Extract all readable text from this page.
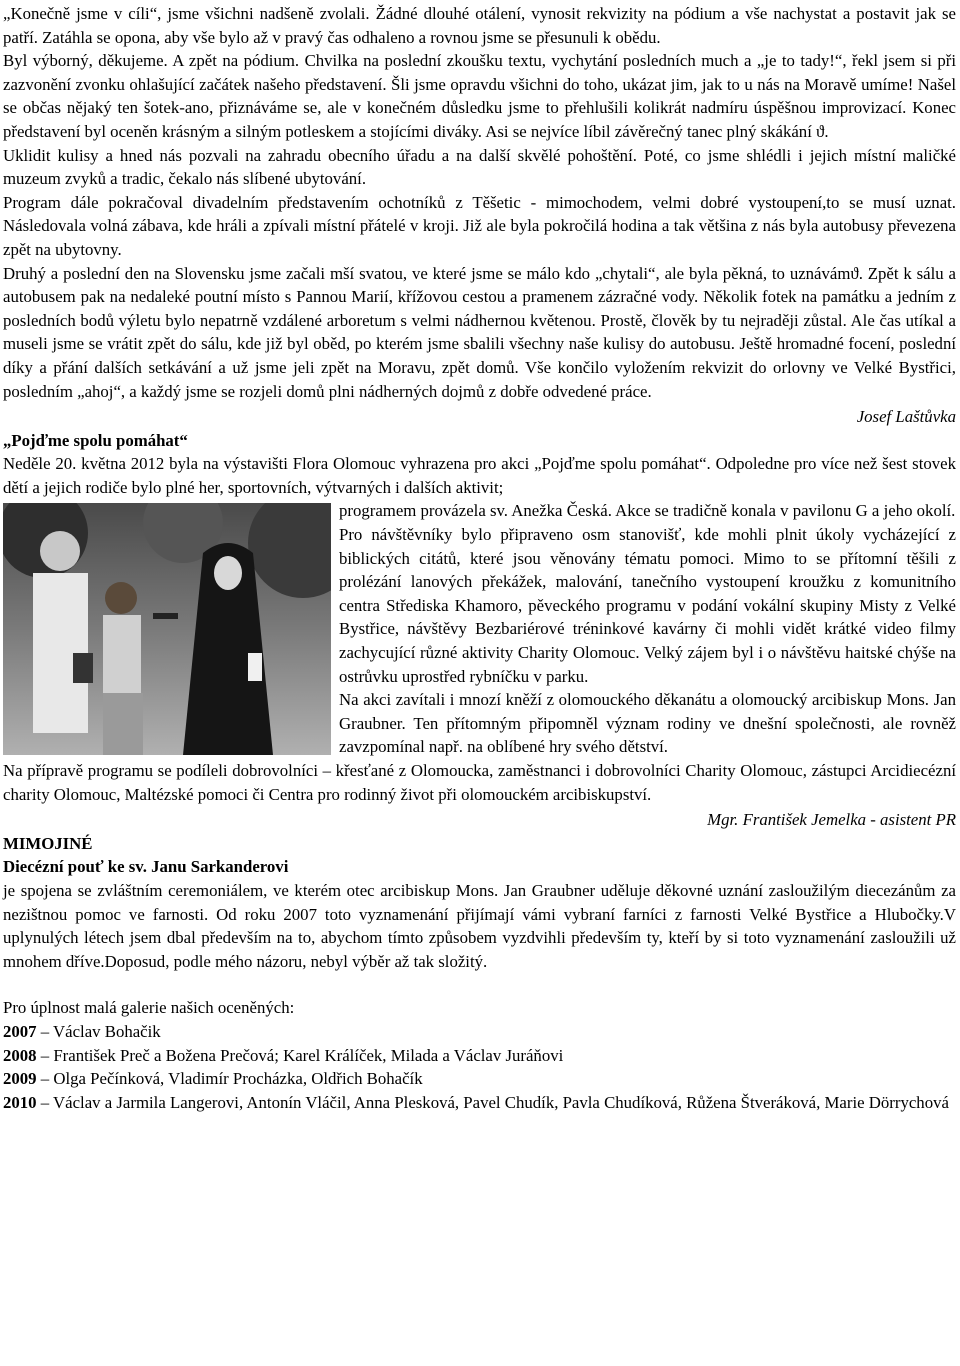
„Konečně jsme v cíli“, jsme všichni nadšeně zvolali. Žádné dlouhé otálení, vynosit rekvizity na pódium a vše nachystat a postavit jak se patří. Zatáhla se opona, aby vše bylo až v pravý čas odhaleno a rovnou jsme se přesunuli k obědu.

Byl výborný, děkujeme. A zpět na pódium. Chvilka na poslední zkoušku textu, vychytání posledních much a „je to tady!“, řekl jsem si při zazvonění zvonku ohlašující začátek našeho představení. Šli jsme opravdu všichni do toho, ukázat jim, jak to u nás na Moravě umíme! Našel se občas nějaký ten šotek-ano, přiznáváme se, ale v konečném důsledku jsme to přehlušili kolikrát nadmíru úspěšnou improvizací. Konec představení byl oceněn krásným a silným potleskem a stojícími diváky. Asi se nejvíce líbil závěrečný tanec plný skákání ϑ.

Uklidit kulisy a hned nás pozvali na zahradu obecního úřadu a na další skvělé pohoštění. Poté, co jsme shlédli i jejich místní maličké muzeum zvyků a tradic, čekalo nás slíbené ubytování.

Program dále pokračoval divadelním představením ochotníků z Těšetic - mimochodem, velmi dobré vystoupení,to se musí uznat. Následovala volná zábava, kde hráli a zpívali místní přátelé v kroji. Již ale byla pokročilá hodina a tak většina z nás byla autobusy převezena zpět na ubytovny.

Druhý a poslední den na Slovensku jsme začali mší svatou, ve které jsme se málo kdo „chytali“, ale byla pěkná, to uznávámϑ. Zpět k sálu a autobusem pak na nedaleké poutní místo s Pannou Marií, křížovou cestou a pramenem zázračné vody. Několik fotek na památku a jedním z posledních bodů výletu bylo nepatrně vzdálené arboretum s velmi nádhernou květenou. Prostě, člověk by tu nejraději zůstal. Ale čas utíkal a museli jsme se vrátit zpět do sálu, kde již byl oběd, po kterém jsme sbalili všechny naše kulisy do autobusu. Ještě hromadné focení, poslední díky a přání dalších setkávání a už jsme jeli zpět na Moravu, zpět domů. Vše končilo vyložením rekvizit do orlovny ve Velké Bystřici, posledním „ahoj“, a každý jsme se rozjeli domů plni nádherných dojmů z dobře odvedené práce.

Josef Laštůvka

„Pojďme spolu pomáhat“

Neděle 20. května 2012 byla na výstavišti Flora Olomouc vyhrazena pro akci „Pojďme spolu pomáhat“. Odpoledne pro více než šest stovek dětí a jejich rodiče bylo plné her, sportovních, výtvarných i dalších aktivit;

programem provázela sv. Anežka Česká. Akce se tradičně konala v pavilonu G a jeho okolí.

Pro návštěvníky bylo připraveno osm stanovišť, kde mohli plnit úkoly vycházející z biblických citátů, které jsou věnovány tématu pomoci. Mimo to se přítomní těšili z prolézání lanových překážek, malování, tanečního vystoupení kroužku z komunitního centra Střediska Khamoro, pěveckého programu v podání vokální skupiny Misty z Velké Bystřice, návštěvy Bezbariérové tréninkové kavárny či mohli vidět krátké video filmy zachycující různé aktivity Charity Olomouc. Velký zájem byl i o návštěvu haitské chýše na ostrůvku uprostřed rybníčku v parku.

Na akci zavítali i mnozí kněží z olomouckého děkanátu a olomoucký arcibiskup Mons. Jan Graubner. Ten přítomným připomněl význam rodiny ve dnešní společnosti, ale rovněž zavzpomínal např. na oblíbené hry svého dětství.

Na přípravě programu se podíleli dobrovolníci – křesťané z Olomoucka, zaměstnanci i dobrovolníci Charity Olomouc, zástupci Arcidiecézní charity Olomouc, Maltézské pomoci či Centra pro rodinný život při olomouckém arcibiskupství.

Mgr. František Jemelka - asistent PR

MIMOJINÉ

Diecézní pouť ke sv. Janu Sarkanderovi

je spojena se zvláštním ceremoniálem, ve kterém otec arcibiskup Mons. Jan Graubner uděluje děkovné uznání zasloužilým diecezánům za nezištnou pomoc ve farnosti. Od roku 2007 toto vyznamenání přijímají vámi vybraní farníci z farnosti Velké Bystřice a Hlubočky.V uplynulých létech jsem dbal především na to, abychom tímto způsobem vyzdvihli především ty, kteří by si toto vyznamenání zasloužili už mnohem dříve.Doposud, podle mého názoru, nebyl výběr až tak složitý.

Pro úplnost malá galerie našich oceněných:

2007 – Václav Bohačik

2008 – František Preč a Božena Prečová; Karel Králíček, Milada a Václav Juráňovi

2009 – Olga Pečínková, Vladimír Procházka, Oldřich Bohačík

2010 – Václav a Jarmila Langerovi, Antonín Vláčil, Anna Plesková, Pavel Chudík, Pavla Chudíková, Růžena Štveráková, Marie Dörrychová
